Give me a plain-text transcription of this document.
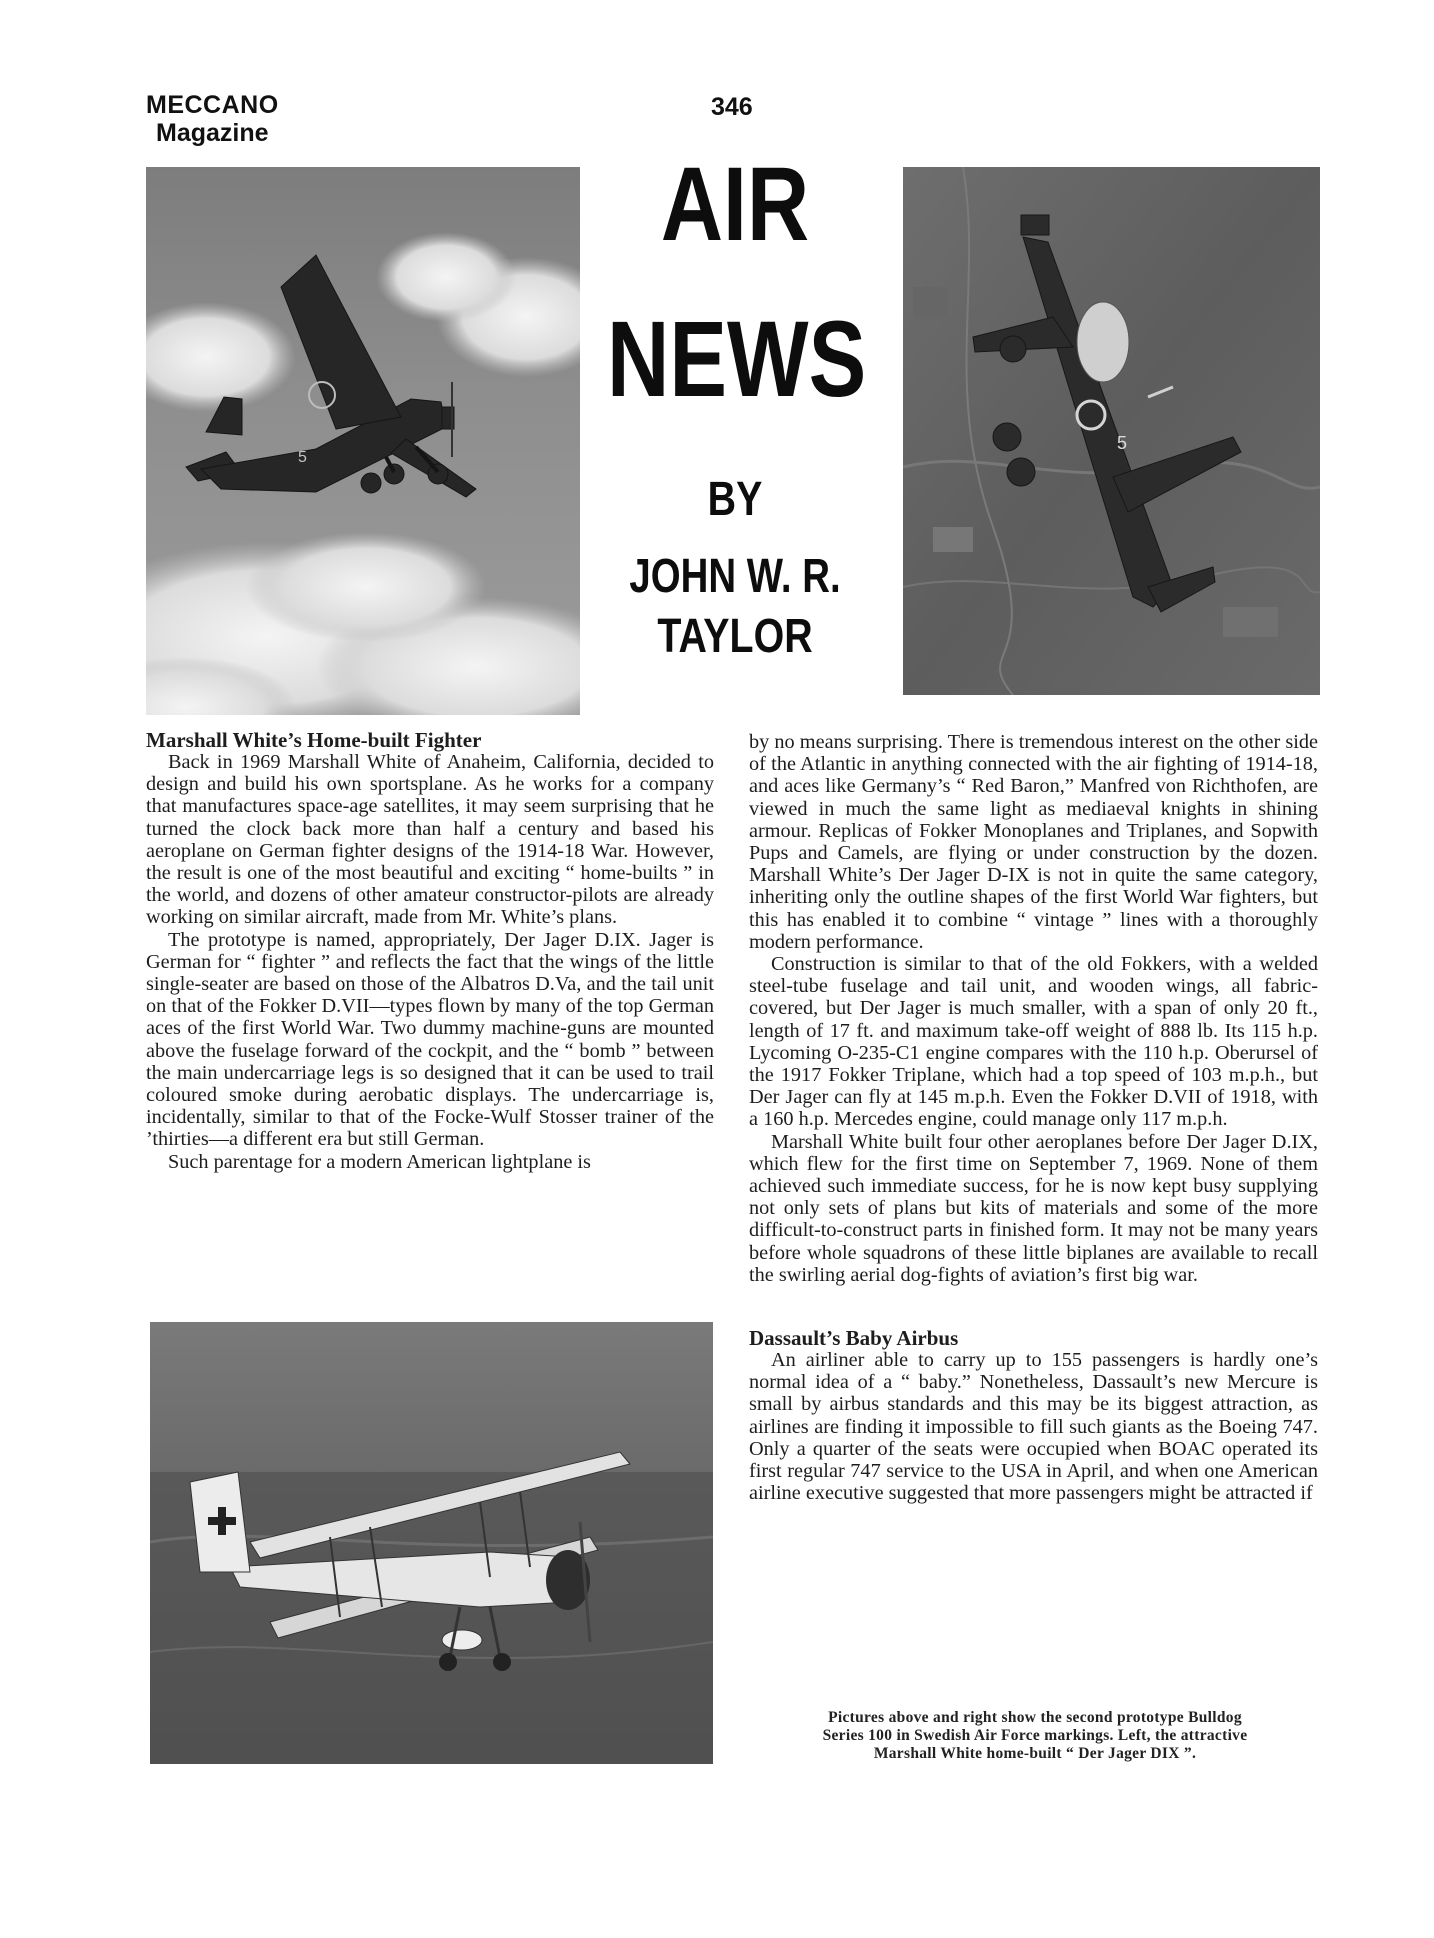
MECCANO
Magazine
346
5
AIR
NEWS
BY
JOHN W. R.
TAYLOR
5
Marshall White’s Home-built Fighter

Back in 1969 Marshall White of Anaheim, California, decided to design and build his own sportsplane. As he works for a company that manufactures space-age satellites, it may seem surprising that he turned the clock back more than half a century and based his aeroplane on German fighter designs of the 1914-18 War. However, the result is one of the most beautiful and exciting “ home-builts ” in the world, and dozens of other amateur constructor-pilots are already working on similar aircraft, made from Mr. White’s plans.

The prototype is named, appropriately, Der Jager D.IX. Jager is German for “ fighter ” and reflects the fact that the wings of the little single-seater are based on those of the Albatros D.Va, and the tail unit on that of the Fokker D.VII—types flown by many of the top German aces of the first World War. Two dummy machine-guns are mounted above the fuselage forward of the cockpit, and the “ bomb ” between the main undercarriage legs is so designed that it can be used to trail coloured smoke during aerobatic displays. The undercarriage is, incidentally, similar to that of the Focke-Wulf Stosser trainer of the ’thirties—a different era but still German.

Such parentage for a modern American lightplane is

by no means surprising. There is tremendous interest on the other side of the Atlantic in anything connected with the air fighting of 1914-18, and aces like Germany’s “ Red Baron,” Manfred von Richthofen, are viewed in much the same light as mediaeval knights in shining armour. Replicas of Fokker Monoplanes and Triplanes, and Sopwith Pups and Camels, are flying or under construction by the dozen. Marshall White’s Der Jager D-IX is not in quite the same category, inheriting only the outline shapes of the first World War fighters, but this has enabled it to combine “ vintage ” lines with a thoroughly modern performance.

Construction is similar to that of the old Fokkers, with a welded steel-tube fuselage and tail unit, and wooden wings, all fabric-covered, but Der Jager is much smaller, with a span of only 20 ft., length of 17 ft. and maximum take-off weight of 888 lb. Its 115 h.p. Lycoming O-235-C1 engine compares with the 110 h.p. Oberursel of the 1917 Fokker Triplane, which had a top speed of 103 m.p.h., but Der Jager can fly at 145 m.p.h. Even the Fokker D.VII of 1918, with a 160 h.p. Mercedes engine, could manage only 117 m.p.h.

Marshall White built four other aeroplanes before Der Jager D.IX, which flew for the first time on September 7, 1969. None of them achieved such immediate success, for he is now kept busy supplying not only sets of plans but kits of materials and some of the more difficult-to-construct parts in finished form. It may not be many years before whole squadrons of these little biplanes are available to recall the swirling aerial dog-fights of aviation’s first big war.

Dassault’s Baby Airbus

An airliner able to carry up to 155 passengers is hardly one’s normal idea of a “ baby.” Nonetheless, Dassault’s new Mercure is small by airbus standards and this may be its biggest attraction, as airlines are finding it impossible to fill such giants as the Boeing 747. Only a quarter of the seats were occupied when BOAC operated its first regular 747 service to the USA in April, and when one American airline executive suggested that more passengers might be attracted if

Pictures above and right show the second prototype Bulldog
Series 100 in Swedish Air Force markings. Left, the attractive
Marshall White home-built “ Der Jager DIX ”.
